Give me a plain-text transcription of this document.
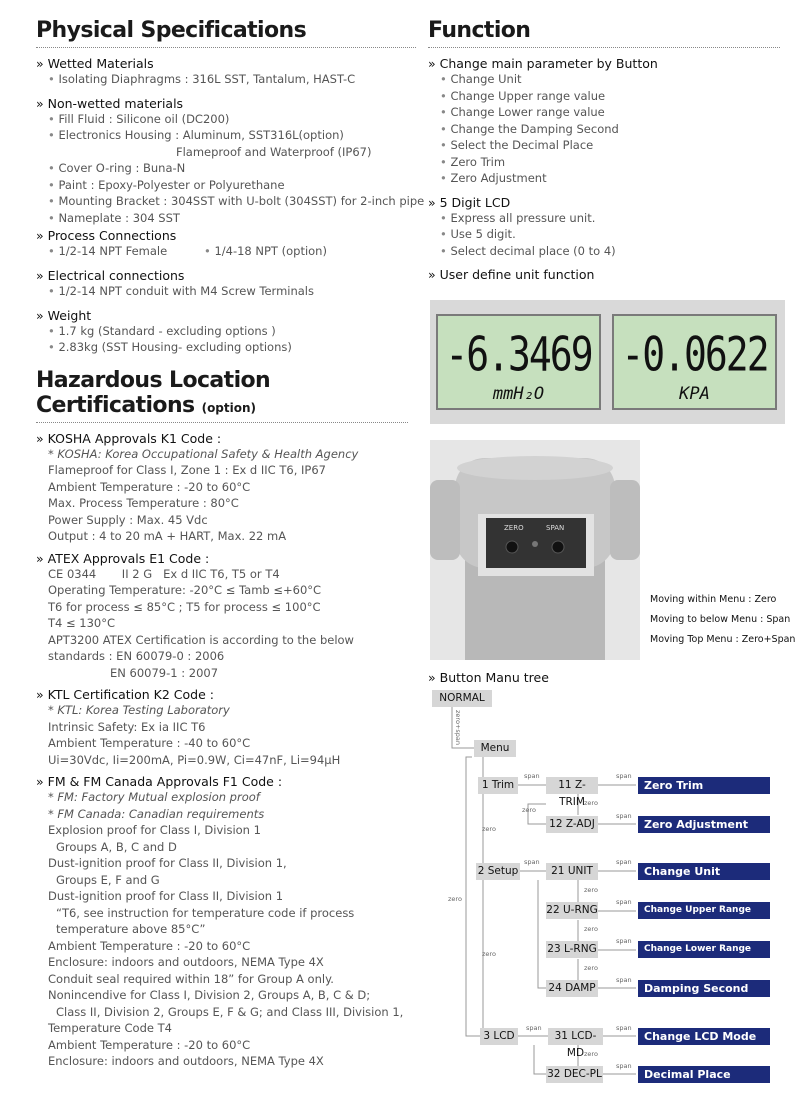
Physical Specifications
» Wetted Materials
• Isolating Diaphragms : 316L SST, Tantalum, HAST-C
» Non-wetted materials
• Fill Fluid : Silicone oil (DC200)
• Electronics Housing : Aluminum, SST316L(option)
Flameproof and Waterproof (IP67)
• Cover O-ring : Buna-N
• Paint : Epoxy-Polyester or Polyurethane
• Mounting Bracket : 304SST with U-bolt (304SST) for 2-inch pipe
• Nameplate : 304 SST
» Process Connections
• 1/2-14 NPT Female
•	1/4-18 NPT (option)
» Electrical connections
• 1/2-14 NPT conduit with M4 Screw Terminals
» Weight
• 1.7 kg (Standard - excluding options )
• 2.83kg (SST Housing- excluding options)
Hazardous Location Certifications (option)
» KOSHA Approvals K1 Code :
* KOSHA: Korea Occupational Safety & Health Agency
Flameproof for Class I, Zone 1 : Ex d IIC T6, IP67
Ambient Temperature : -20 to 60°C
Max. Process Temperature : 80°C
Power Supply : Max. 45 Vdc
Output : 4 to 20 mA + HART, Max. 22 mA
» ATEX Approvals E1 Code :
CE 0344       II 2 G   Ex d IIC T6, T5 or T4
Operating Temperature: -20°C ≤ Tamb ≤+60°C
T6 for process ≤ 85°C ; T5 for process ≤ 100°C
T4 ≤ 130°C
APT3200 ATEX Certification is according to the below
standards : EN 60079-0 : 2006
EN 60079-1 : 2007
» KTL Certification K2 Code :
* KTL: Korea Testing Laboratory
Intrinsic Safety: Ex ia IIC T6
Ambient Temperature : -40 to 60°C
Ui=30Vdc, Ii=200mA, Pi=0.9W, Ci=47nF, Li=94µH
» FM & FM Canada Approvals F1 Code :
* FM: Factory Mutual explosion proof
* FM Canada: Canadian requirements
Explosion proof for Class I, Division 1
Groups A, B, C and D
Dust-ignition proof for Class II, Division 1,
Groups E, F and G
Dust-ignition proof for Class II, Division 1
“T6, see instruction for temperature code if process
temperature above 85°C”
Ambient Temperature : -20 to 60°C
Enclosure: indoors and outdoors, NEMA Type 4X
Conduit seal required within 18” for Group A only.
Nonincendive for Class I, Division 2, Groups A, B, C & D;
Class II, Division 2, Groups E, F & G; and Class III, Division 1,
Temperature Code T4
Ambient Temperature : -20 to 60°C
Enclosure: indoors and outdoors, NEMA Type 4X
Function
» Change main parameter by Button
• Change Unit
• Change Upper range value
• Change Lower range value
• Change the Damping Second
• Select the Decimal Place
• Zero Trim
• Zero Adjustment
» 5 Digit LCD
• Express all pressure unit.
• Use 5 digit.
• Select decimal place (0 to 4)
» User define unit function
-6.3469
mmH₂O
-0.0622
KPA
ZERO	SPAN
Moving within Menu : Zero
Moving to below Menu : Span
Moving Top Menu : Zero+Span
» Button Manu tree
NORMAL
zero+span
Menu
1 Trim	11 Z-TRIM
Zero Trim
12 Z-ADJ	Zero Adjustment
2 Setup	21 UNIT	Change Unit
22 U-RNG	Change Upper Range Value
23 L-RNG	Change Lower Range Value
24 DAMP	Damping Second
3 LCD	31 LCD-MD
Change LCD Mode
32 DEC-PL	Decimal Place
span	span
zero
zero
span
zero
span	span
zero
span
zero
span
zero
span
zero
zero
span	span
zero
span
